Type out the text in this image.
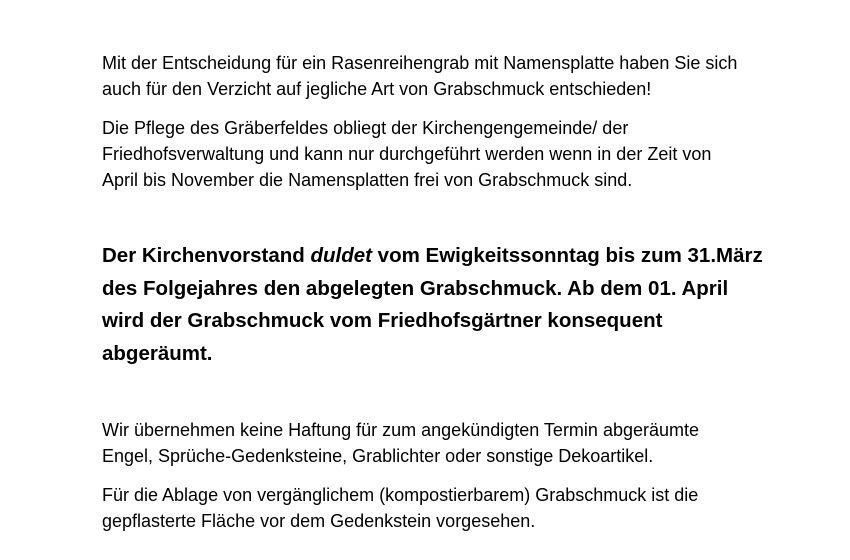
Mit der Entscheidung für ein Rasenreihengrab mit Namensplatte haben Sie sich
auch für den Verzicht auf jegliche Art von Grabschmuck entschieden!

Die Pflege des Gräberfeldes obliegt der Kirchengengemeinde/ der
Friedhofsverwaltung und kann nur durchgeführt werden wenn in der Zeit von
April bis November die Namensplatten frei von Grabschmuck sind.

Der Kirchenvorstand duldet vom Ewigkeitssonntag bis zum 31.März
des Folgejahres den abgelegten Grabschmuck. Ab dem 01. April
wird der Grabschmuck vom Friedhofsgärtner konsequent
abgeräumt.

Wir übernehmen keine Haftung für zum angekündigten Termin abgeräumte
Engel, Sprüche-Gedenksteine, Grablichter oder sonstige Dekoartikel.

Für die Ablage von vergänglichem (kompostierbarem) Grabschmuck ist die
gepflasterte Fläche vor dem Gedenkstein vorgesehen.
